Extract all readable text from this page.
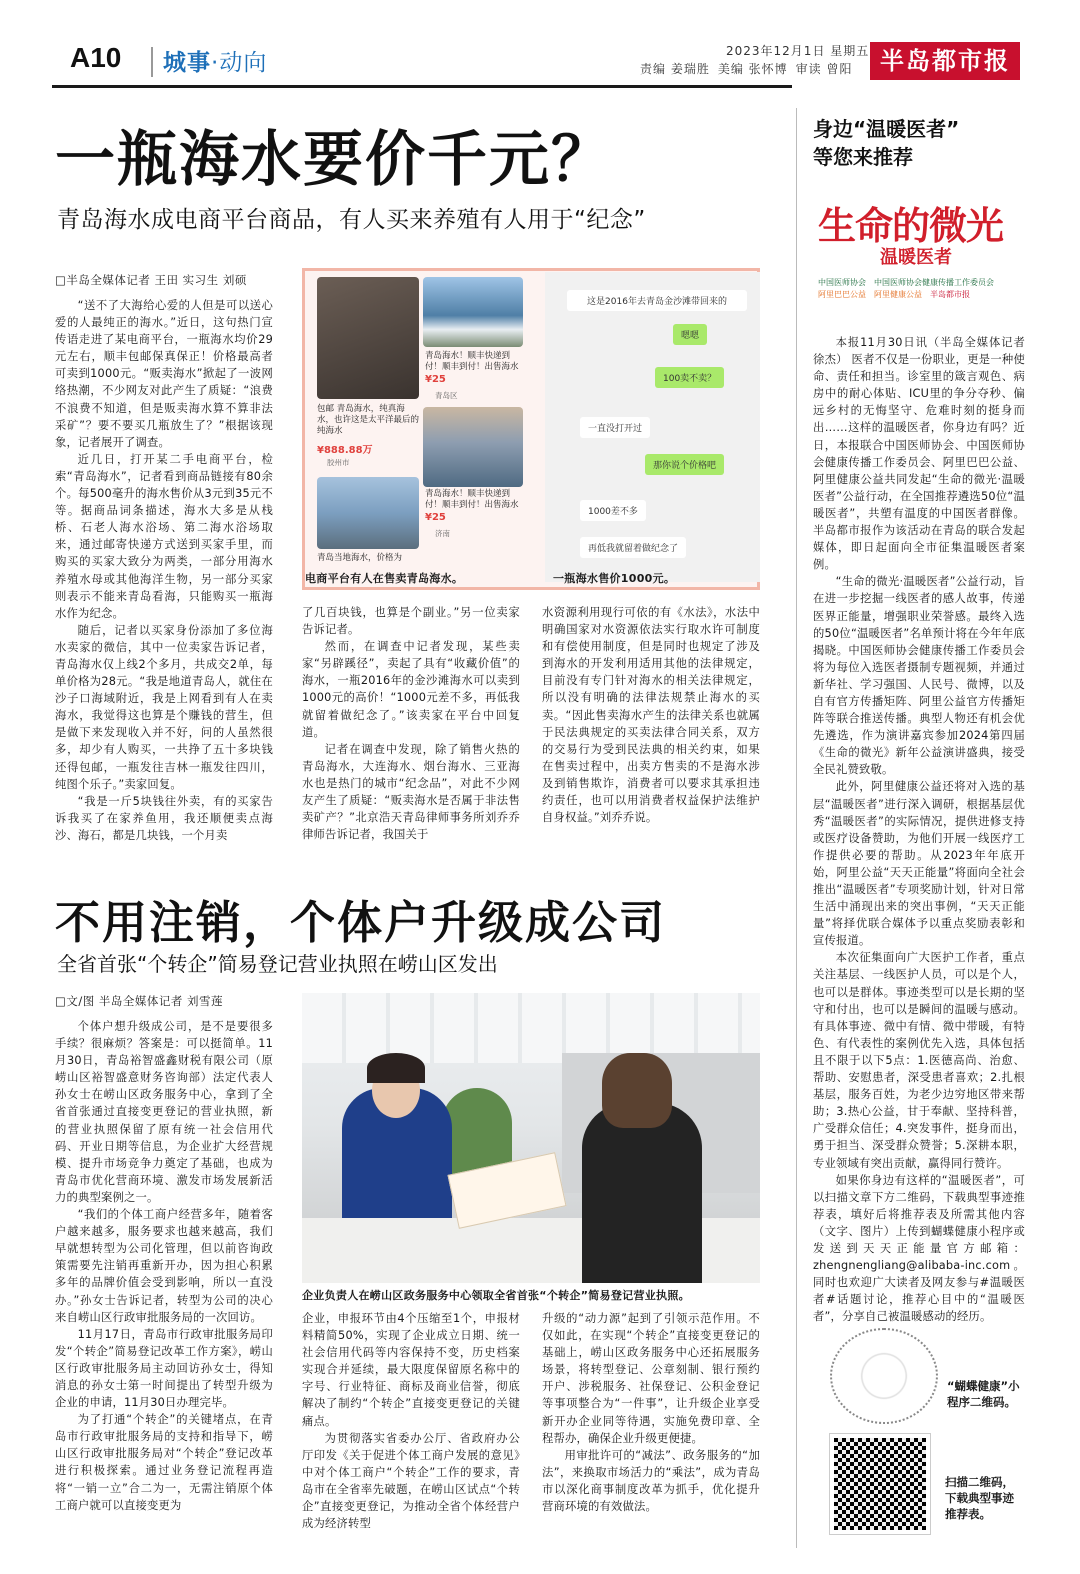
A10 城事·动向	2023年12月1日 星期五
责编 姜瑞胜 美编 张怀博 审读 曾阳	半岛都市报
一瓶海水要价千元？
青岛海水成电商平台商品，有人买来养殖有人用于“纪念”
□半岛全媒体记者 王田 实习生 刘硕

“送不了大海给心爱的人但是可以送心爱的人最纯正的海水。”近日，这句热门宣传语走进了某电商平台，一瓶海水均价29元左右，顺丰包邮保真保正！价格最高者可卖到1000元。“贩卖海水”掀起了一波网络热潮，不少网友对此产生了质疑：“浪费不浪费不知道，但是贩卖海水算不算非法采矿”？要不要买几瓶放生了？”根据该现象，记者展开了调查。

近几日，打开某二手电商平台，检索“青岛海水”，记者看到商品链接有80余个。每500毫升的海水售价从3元到35元不等。据商品词条描述，海水大多是从栈桥、石老人海水浴场、第二海水浴场取来，通过邮寄快递方式送到买家手里，而购买的买家大致分为两类，一部分用海水养殖水母或其他海洋生物，另一部分买家则表示不能来青岛看海，只能购买一瓶海水作为纪念。

随后，记者以买家身份添加了多位海水卖家的微信，其中一位卖家告诉记者，青岛海水仅上线2个多月，共成交2单，每单价格为28元。“我是地道青岛人，就住在沙子口海域附近，我是上网看到有人在卖海水，我觉得这也算是个赚钱的营生，但是做下来发现收入并不好，问的人虽然很多，却少有人购买，一共挣了五十多块钱还得包邮，一瓶发往吉林一瓶发往四川，纯图个乐子。”卖家回复。

“我是一斤5块钱往外卖，有的买家告诉我买了在家养鱼用，我还顺便卖点海沙、海石，都是几块钱，一个月卖

青岛海水！顺丰快递到付！顺丰到付！出售海水
¥25
青岛区
包邮 青岛海水，纯真海水，也许这是太平洋最后的纯海水
¥888.88万
胶州市
青岛海水！顺丰快递到付！顺丰到付！出售海水
¥25
济南
青岛当地海水，价格为
这是2016年去青岛金沙滩带回来的
嗯嗯
100卖不卖？
一直没打开过
那你说个价格吧
1000差不多
再低我就留着做纪念了
电商平台有人在售卖青岛海水。	一瓶海水售价1000元。

了几百块钱，也算是个副业。”另一位卖家告诉记者。

然而，在调查中记者发现，某些卖家“另辟蹊径”，卖起了具有“收藏价值”的海水，一瓶2016年的金沙滩海水可以卖到1000元的高价！“1000元差不多，再低我就留着做纪念了。”该卖家在平台中回复道。

记者在调查中发现，除了销售火热的青岛海水，大连海水、烟台海水、三亚海水也是热门的城市“纪念品”，对此不少网友产生了质疑：“贩卖海水是否属于非法售卖矿产？”北京浩天青岛律师事务所刘乔乔律师告诉记者，我国关于

水资源利用现行可依的有《水法》，水法中明确国家对水资源依法实行取水许可制度和有偿使用制度，但是同时也规定了涉及到海水的开发利用适用其他的法律规定，目前没有专门针对海水的相关法律规定，所以没有明确的法律法规禁止海水的买卖。“因此售卖海水产生的法律关系也就属于民法典规定的买卖法律合同关系，双方的交易行为受到民法典的相关约束，如果在售卖过程中，出卖方售卖的不是海水涉及到销售欺诈，消费者可以要求其承担违约责任，也可以用消费者权益保护法维护自身权益。”刘乔乔说。

不用注销，个体户升级成公司
全省首张“个转企”简易登记营业执照在崂山区发出
□文/图 半岛全媒体记者 刘雪莲

个体户想升级成公司，是不是要很多手续？很麻烦？答案是：可以挺简单。11月30日，青岛裕智盛鑫财税有限公司（原崂山区裕智盛意财务咨询部）法定代表人孙女士在崂山区政务服务中心，拿到了全省首张通过直接变更登记的营业执照，新的营业执照保留了原有统一社会信用代码、开业日期等信息，为企业扩大经营规模、提升市场竞争力奠定了基础，也成为青岛市优化营商环境、激发市场发展新活力的典型案例之一。

“我们的个体工商户经营多年，随着客户越来越多，服务要求也越来越高，我们早就想转型为公司化管理，但以前咨询政策需要先注销再重新开办，因为担心积累多年的品牌价值会受到影响，所以一直没办。”孙女士告诉记者，转型为公司的决心来自崂山区行政审批服务局的一次回访。

11月17日，青岛市行政审批服务局印发“个转企”简易登记改革工作方案》，崂山区行政审批服务局主动回访孙女士，得知消息的孙女士第一时间提出了转型升级为企业的申请，11月30日办理完毕。

为了打通“个转企”的关键堵点，在青岛市行政审批服务局的支持和指导下，崂山区行政审批服务局对“个转企”登记改革进行积极探索。通过业务登记流程再造将“一销一立”合二为一，无需注销原个体工商户就可以直接变更为

企业负责人在崂山区政务服务中心领取全省首张“个转企”简易登记营业执照。

企业，申报环节由4个压缩至1个，申报材料精简50%，实现了企业成立日期、统一社会信用代码等内容保持不变，历史档案实现合并延续，最大限度保留原名称中的字号、行业特征、商标及商业信誉，彻底解决了制约“个转企”直接变更登记的关键痛点。

为贯彻落实省委办公厅、省政府办公厅印发《关于促进个体工商户发展的意见》中对个体工商户“个转企”工作的要求，青岛市在全省率先破题，在崂山区试点“个转企”直接变更登记，为推动全省个体经营户成为经济转型

升级的“动力源”起到了引领示范作用。不仅如此，在实现“个转企”直接变更登记的基础上，崂山区政务服务中心还拓展服务场景，将转型登记、公章刻制、银行预约开户、涉税服务、社保登记、公积金登记等事项整合为“一件事”，让升级企业享受新开办企业同等待遇，实施免费印章、全程帮办，确保企业升级更便捷。

用审批许可的“减法”、政务服务的“加法”，来换取市场活力的“乘法”，成为青岛市以深化商事制度改革为抓手，优化提升营商环境的有效做法。

身边“温暖医者”
等您来推荐
生命的微光
温暖医者
中国医师协会　 中国医师协会健康传播工作委员会
阿里巴巴公益　 阿里健康公益　 半岛都市报

本报11月30日讯（半岛全媒体记者 徐杰） 医者不仅是一份职业，更是一种使命、责任和担当。诊室里的箴言观色、病房中的耐心体贴、ICU里的争分夺秒、偏远乡村的无悔坚守、危难时刻的挺身而出……这样的温暖医者，你身边有吗？近日，本报联合中国医师协会、中国医师协会健康传播工作委员会、阿里巴巴公益、阿里健康公益共同发起“生命的微光·温暖医者”公益行动，在全国推荐遴选50位“温暖医者”，共塑有温度的中国医者群像。半岛都市报作为该活动在青岛的联合发起媒体，即日起面向全市征集温暖医者案例。

“生命的微光·温暖医者”公益行动，旨在进一步挖掘一线医者的感人故事，传递医界正能量，增强职业荣誉感。最终入选的50位“温暖医者”名单预计将在今年年底揭晓。中国医师协会健康传播工作委员会将为每位入选医者摄制专题视频，并通过新华社、学习强国、人民号、微博，以及自有官方传播矩阵、阿里公益官方传播矩阵等联合推送传播。典型人物还有机会优先遴选，作为演讲嘉宾参加2024第四届《生命的微光》新年公益演讲盛典，接受全民礼赞致敬。

此外，阿里健康公益还将对入选的基层“温暖医者”进行深入调研，根据基层优秀“温暖医者”的实际情况，提供进修支持或医疗设备赞助，为他们开展一线医疗工作提供必要的帮助。从2023年年底开始，阿里公益“天天正能量”将面向全社会推出“温暖医者”专项奖励计划，针对日常生活中涌现出来的突出事例，“天天正能量”将择优联合媒体予以重点奖励表彰和宣传报道。

本次征集面向广大医护工作者，重点关注基层、一线医护人员，可以是个人，也可以是群体。事迹类型可以是长期的坚守和付出，也可以是瞬间的温暖与感动。有具体事迹、微中有情、微中带暖，有特色、有代表性的案例优先入选，具体包括且不限于以下5点：1.医德高尚、治愈、帮助、安慰患者，深受患者喜欢；2.扎根基层，服务百姓，为老少边穷地区带来帮助；3.热心公益，甘于奉献、坚持科普，广受群众信任；4.突发事件，挺身而出，勇于担当、深受群众赞誉；5.深耕本职，专业领域有突出贡献，赢得同行赞许。

如果你身边有这样的“温暖医者”，可以扫描文章下方二维码，下载典型事迹推荐表，填好后将推荐表及所需其他内容（文字、图片）上传到蝴蝶健康小程序或发送到天天正能量官方邮箱：zhengnengliang@alibaba-inc.com。同时也欢迎广大读者及网友参与#温暖医者#话题讨论，推荐心目中的“温暖医者”，分享自己被温暖感动的经历。

“蝴蝶健康”小程序二维码。
扫描二维码，下载典型事迹推荐表。
